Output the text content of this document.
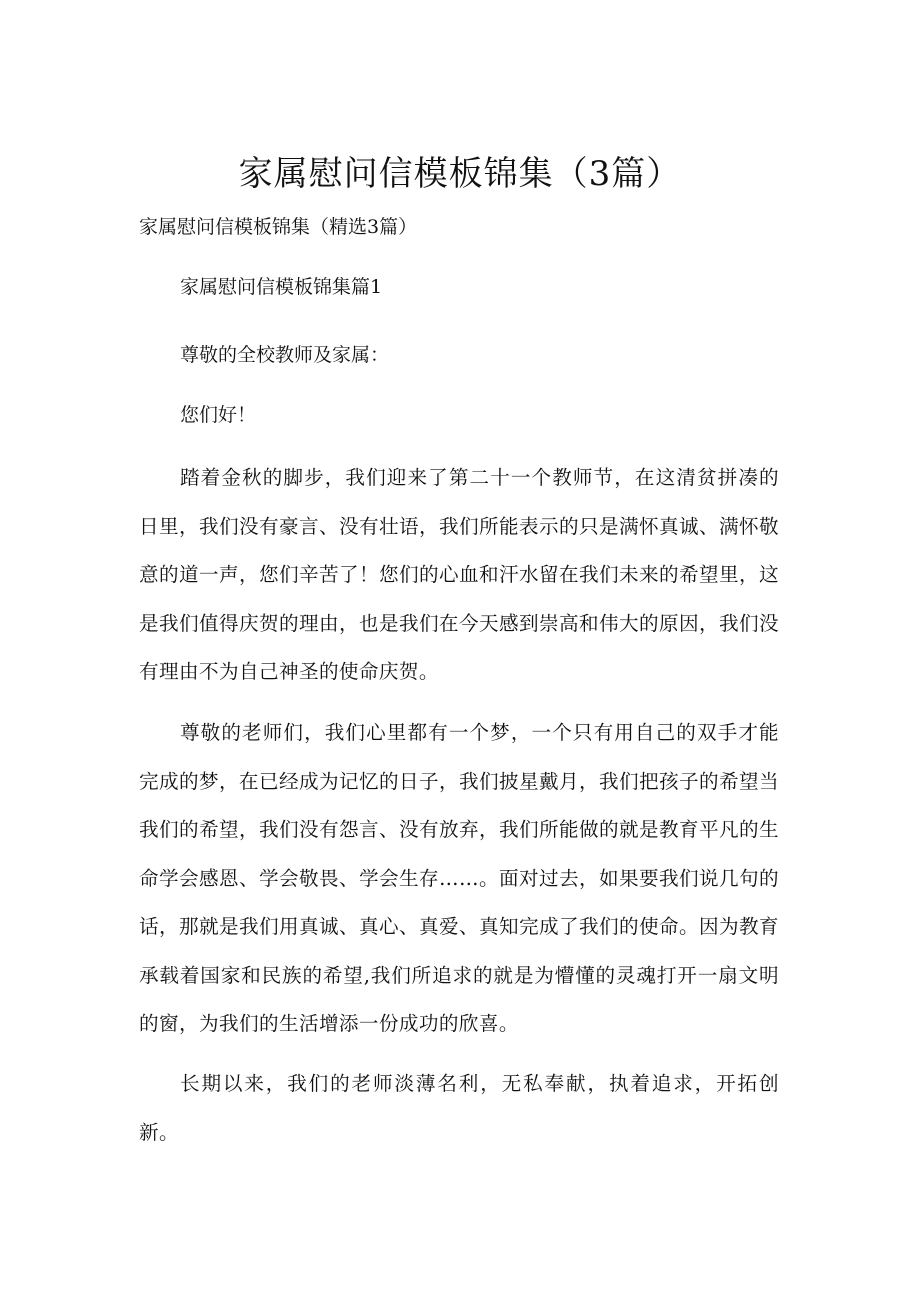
家属慰问信模板锦集（3篇）

家属慰问信模板锦集（精选3篇）

家属慰问信模板锦集篇1

尊敬的全校教师及家属：

您们好！

踏着金秋的脚步，我们迎来了第二十一个教师节，在这清贫拼凑的日里，我们没有豪言、没有壮语，我们所能表示的只是满怀真诚、满怀敬意的道一声，您们辛苦了！您们的心血和汗水留在我们未来的希望里，这是我们值得庆贺的理由，也是我们在今天感到崇高和伟大的原因，我们没有理由不为自己神圣的使命庆贺。

尊敬的老师们，我们心里都有一个梦，一个只有用自己的双手才能完成的梦，在已经成为记忆的日子，我们披星戴月，我们把孩子的希望当我们的希望，我们没有怨言、没有放弃，我们所能做的就是教育平凡的生命学会感恩、学会敬畏、学会生存……。面对过去，如果要我们说几句的话，那就是我们用真诚、真心、真爱、真知完成了我们的使命。因为教育承载着国家和民族的希望,我们所追求的就是为懵懂的灵魂打开一扇文明的窗，为我们的生活增添一份成功的欣喜。

长期以来，我们的老师淡薄名利，无私奉献，执着追求，开拓创新。
